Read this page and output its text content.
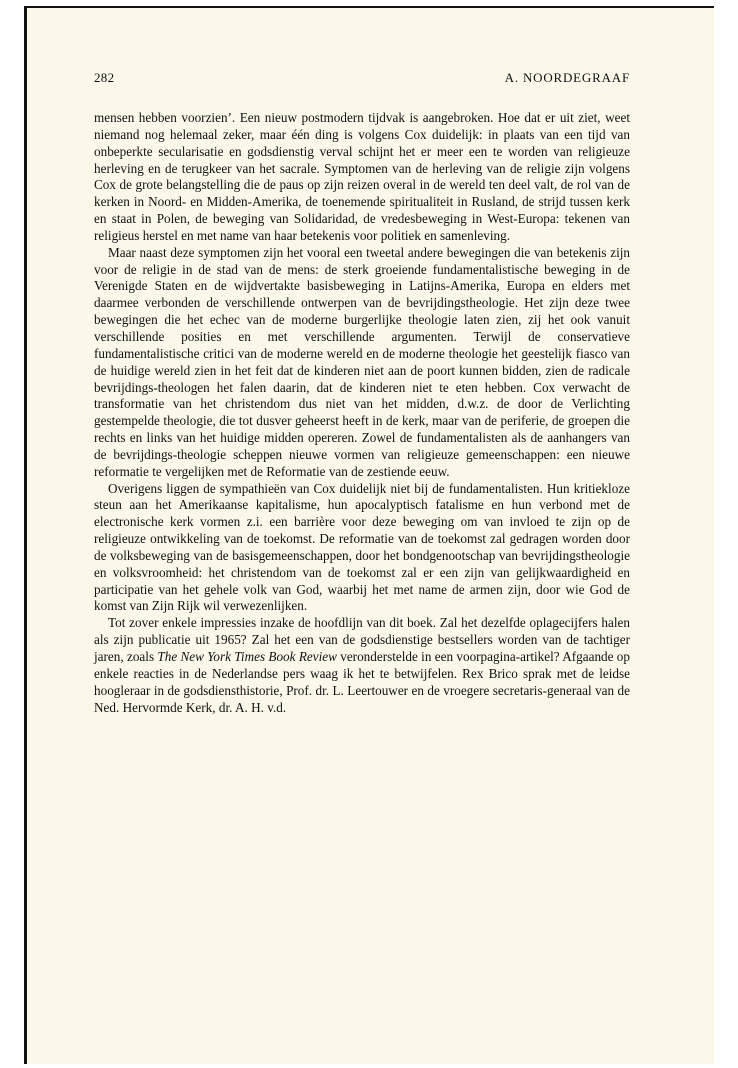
282	A. NOORDEGRAAF

mensen hebben voorzien’. Een nieuw postmodern tijdvak is aangebroken. Hoe dat er uit ziet, weet niemand nog helemaal zeker, maar één ding is volgens Cox duidelijk: in plaats van een tijd van onbeperkte secularisatie en godsdienstig verval schijnt het er meer een te worden van religieuze herleving en de terugkeer van het sacrale. Symptomen van de herleving van de religie zijn volgens Cox de grote belangstelling die de paus op zijn reizen overal in de wereld ten deel valt, de rol van de kerken in Noord- en Midden-Amerika, de toenemende spiritualiteit in Rusland, de strijd tussen kerk en staat in Polen, de beweging van Solidaridad, de vredesbeweging in West-Europa: tekenen van religieus herstel en met name van haar betekenis voor politiek en samenleving.

Maar naast deze symptomen zijn het vooral een tweetal andere bewegingen die van betekenis zijn voor de religie in de stad van de mens: de sterk groeiende fundamentalistische beweging in de Verenigde Staten en de wijdvertakte basisbeweging in Latijns-Amerika, Europa en elders met daarmee verbonden de verschillende ontwerpen van de bevrijdingstheologie. Het zijn deze twee bewegingen die het echec van de moderne burgerlijke theologie laten zien, zij het ook vanuit verschillende posities en met verschillende argumenten. Terwijl de conservatieve fundamentalistische critici van de moderne wereld en de moderne theologie het geestelijk fiasco van de huidige wereld zien in het feit dat de kinderen niet aan de poort kunnen bidden, zien de radicale bevrijdings-theologen het falen daarin, dat de kinderen niet te eten hebben. Cox verwacht de transformatie van het christendom dus niet van het midden, d.w.z. de door de Verlichting gestempelde theologie, die tot dusver geheerst heeft in de kerk, maar van de periferie, de groepen die rechts en links van het huidige midden opereren. Zowel de fundamentalisten als de aanhangers van de bevrijdings-theologie scheppen nieuwe vormen van religieuze gemeenschappen: een nieuwe reformatie te vergelijken met de Reformatie van de zestiende eeuw.

Overigens liggen de sympathieën van Cox duidelijk niet bij de fundamentalisten. Hun kritiekloze steun aan het Amerikaanse kapitalisme, hun apocalyptisch fatalisme en hun verbond met de electronische kerk vormen z.i. een barrière voor deze beweging om van invloed te zijn op de religieuze ontwikkeling van de toekomst. De reformatie van de toekomst zal gedragen worden door de volksbeweging van de basisgemeenschappen, door het bondgenootschap van bevrijdingstheologie en volksvroomheid: het christendom van de toekomst zal er een zijn van gelijkwaardigheid en participatie van het gehele volk van God, waarbij het met name de armen zijn, door wie God de komst van Zijn Rijk wil verwezenlijken.

Tot zover enkele impressies inzake de hoofdlijn van dit boek. Zal het dezelfde oplagecijfers halen als zijn publicatie uit 1965? Zal het een van de godsdienstige bestsellers worden van de tachtiger jaren, zoals The New York Times Book Review veronderstelde in een voorpagina-artikel? Afgaande op enkele reacties in de Nederlandse pers waag ik het te betwijfelen. Rex Brico sprak met de leidse hoogleraar in de godsdiensthistorie, Prof. dr. L. Leertouwer en de vroegere secretaris-generaal van de Ned. Hervormde Kerk, dr. A. H. v.d.
